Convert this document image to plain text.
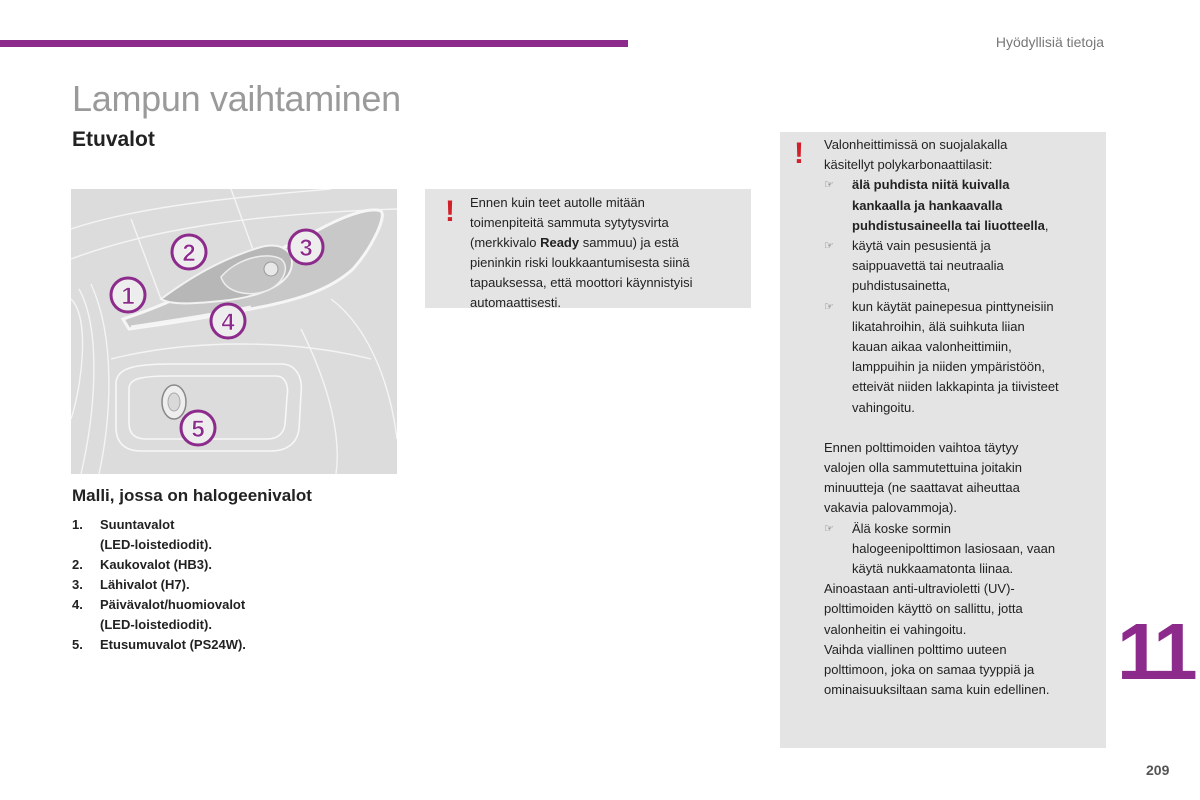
Hyödyllisiä tietoja
Lampun vaihtaminen
Etuvalot
1
2	3
4
5
Malli, jossa on halogeenivalot
1.	Suuntavalot
(LED-loistediodit).
2.	Kaukovalot (HB3).
3.	Lähivalot (H7).
4.	Päivävalot/huomiovalot
(LED-loistediodit).
5.	Etusumuvalot (PS24W).
! Ennen kuin teet autolle mitään
toimenpiteitä sammuta sytytysvirta
(merkkivalo Ready sammuu) ja estä
pieninkin riski loukkaantumisesta siinä
tapauksessa, että moottori käynnistyisi
automaattisesti.
! Valonheittimissä on suojalakalla
käsitellyt polykarbonaattilasit:
☞	älä puhdista niitä kuivalla
kankaalla ja hankaavalla
puhdistusaineella tai liuotteella,
☞	käytä vain pesusientä ja
saippuavettä tai neutraalia
puhdistusainetta,
☞	kun käytät painepesua pinttyneisiin
likatahroihin, älä suihkuta liian
kauan aikaa valonheittimiin,
lamppuihin ja niiden ympäristöön,
etteivät niiden lakkapinta ja tiivisteet
vahingoitu.
Ennen polttimoiden vaihtoa täytyy
valojen olla sammutettuina joitakin
minuutteja (ne saattavat aiheuttaa
vakavia palovammoja).
☞	Älä koske sormin
halogeenipolttimon lasiosaan, vaan
käytä nukkaamatonta liinaa.
Ainoastaan anti-ultravioletti (UV)-
polttimoiden käyttö on sallittu, jotta
valonheitin ei vahingoitu.
Vaihda viallinen polttimo uuteen
polttimoon, joka on samaa tyyppiä ja
ominaisuuksiltaan sama kuin edellinen. 11
209
